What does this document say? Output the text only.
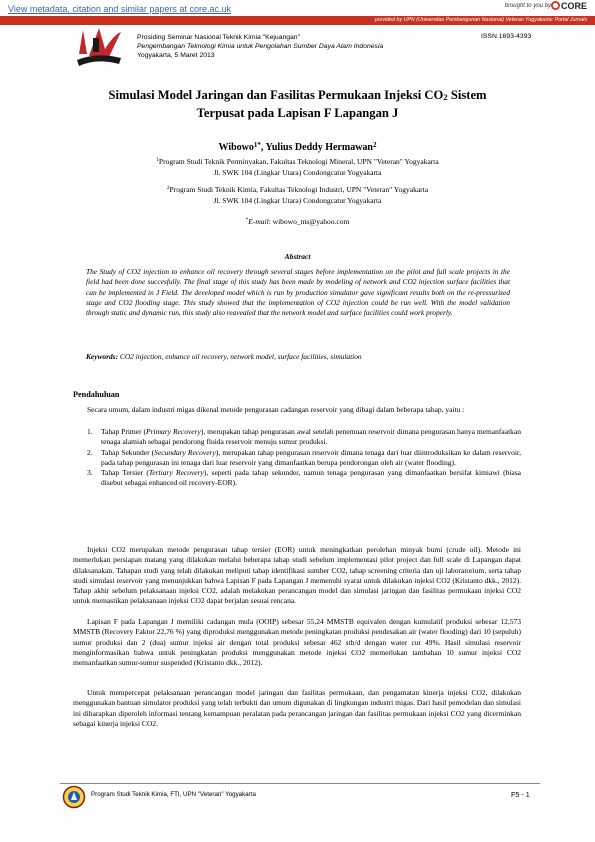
View metadata, citation and similar papers at core.ac.uk	brought to you by	CORE
provided by UPN (Universitas Pembangunan Nasional) Veteran Yogyakarta: Portal Jurnals
Prosiding Seminar Nasional Teknik Kimia "Kejuangan"
Pengembangan Teknologi Kimia untuk Pengolahan Sumber Daya Alam Indonesia
Yogyakarta, 5 Maret 2013
ISSN 1693-4393
Simulasi Model Jaringan dan Fasilitas Permukaan Injeksi CO2 Sistem
Terpusat pada Lapisan F Lapangan J
Wibowo$^{1*}$, Yulius Deddy Hermawan$^2$
$^1$Program Studi Teknik Perminyakan, Fakultas Teknologi Mineral, UPN "Veteran" Yogyakarta
Jl. SWK 104 (Lingkar Utara) Condongcatur Yogyakarta
$^2$Program Studi Teknik Kimia, Fakultas Teknologi Industri, UPN "Veteran" Yogyakarta
Jl. SWK 104 (Lingkar Utara) Condongcatur Yogyakarta
*E-mail: wibowo_ms@yahoo.com
Abstract
The Study of CO2 injection to enhance oil recovery through several stages before implementation on the pilot and full scale projects in the field had been done succesfully. The final stage of this study has been made by modeling of network and CO2 injection surface facilities that can be implemented in J Field. The developed model which is run by production simulator gave significant results both on the re-pressurized stage and CO2 flooding stage. This study showed that the implementation of CO2 injection could be run well. With the model validation through static and dynamic run, this study also reavealed that the network model and surface facilities could work properly.
Keywords: CO2 injection, enhance oil recovery, network model, surface facilities, simulation
Pendahuluan
Secara umum, dalam industri migas dikenal metode pengurasan cadangan reservoir yang dibagi dalam beberapa tahap, yaitu :
1. Tahap Primer (Primary Recovery), merupakan tahap pengurasan awal setelah penemuan reservoir dimana pengurasan hanya memanfaatkan tenaga alamiah sebagai pendorong fluida reservoir menuju sumur produksi.
2. Tahap Sekunder (Secundary Recovery), merupakan tahap pengurasan reservoir dimana tenaga dari luar diintroduksikan ke dalam reservoir, pada tahap pengurasan ini tenaga dari luar reservoir yang dimanfaatkan berupa pendorongan oleh air (water flooding).
3. Tahap Tersier (Tertiary Recovery), seperti pada tahap sekunder, namun tenaga pengurasan yang dimanfaatkan bersifat kimiawi (biasa disebut sebagai enhanced oil recovery-EOR).
Injeksi CO2 merupakan metode pengurasan tahap tersier (EOR) untuk meningkatkan perolehan minyak bumi (crude oil). Metode ini memerlukan persiapan matang yang dilakukan melalui beberapa tahap studi sebelum implementasi pilot project dan full scale di Lapangan dapat dilaksanakan. Tahapan studi yang telah dilakukan meliputi tahap identifikasi sumber CO2, tahap screening criteria dan uji laboratorium, serta tahap studi simulasi reservoir yang menunjukkan bahwa Lapisan F pada Lapangan J memenuhi syarat untuk dilakukan injeksi CO2 (Kristanto dkk., 2012). Tahap akhir sebelum pelaksanaan injeksi CO2, adalah melakukan perancangan model dan simulasi jaringan dan fasilitas permukaan injeksi CO2 untuk memastikan pelaksanaan injeksi CO2 dapat berjalan sesuai rencana.
Lapisan F pada Lapangan J memiliki cadangan mula (OOIP) sebesar 55,24 MMSTB equivalen dengan kumulatif produksi sebesar 12,573 MMSTB (Recovery Faktor 22,76 %) yang diproduksi menggunakan metode peningkatan produksi pendesakan air (water flooding) dari 10 (sepuluh) sumur produksi dan 2 (dua) sumur injeksi air dengan total produksi sebesar 462 stb/d dengan water cut 49%. Hasil simulasi reservoir menginformasikan bahwa untuk peningkatan produksi menggunakan metode injeksi CO2 memerlukan tambahan 10 sumur injeksi CO2 memanfaatkan sumur-sumur suspended (Kristanto dkk., 2012).
Untuk mempercepat pelaksanaan perancangan model jaringan dan fasilitas permukaan, dan pengamatan kinerja injeksi CO2, dilakukan menggunakan bantuan simulator produksi yang telah terbukti dan umum digunakan di lingkungan industri migas. Dari hasil pemodelan dan simulasi ini diharapkan diperoleh informasi tentang kemampuan peralatan pada perancangan jaringan dan fasilitas permukaan injeksi CO2 yang dicerminkan sebagai kinerja injeksi CO2.
Program Studi Teknik Kimia, FTI, UPN "Veteran" Yogyakarta	F5 - 1
